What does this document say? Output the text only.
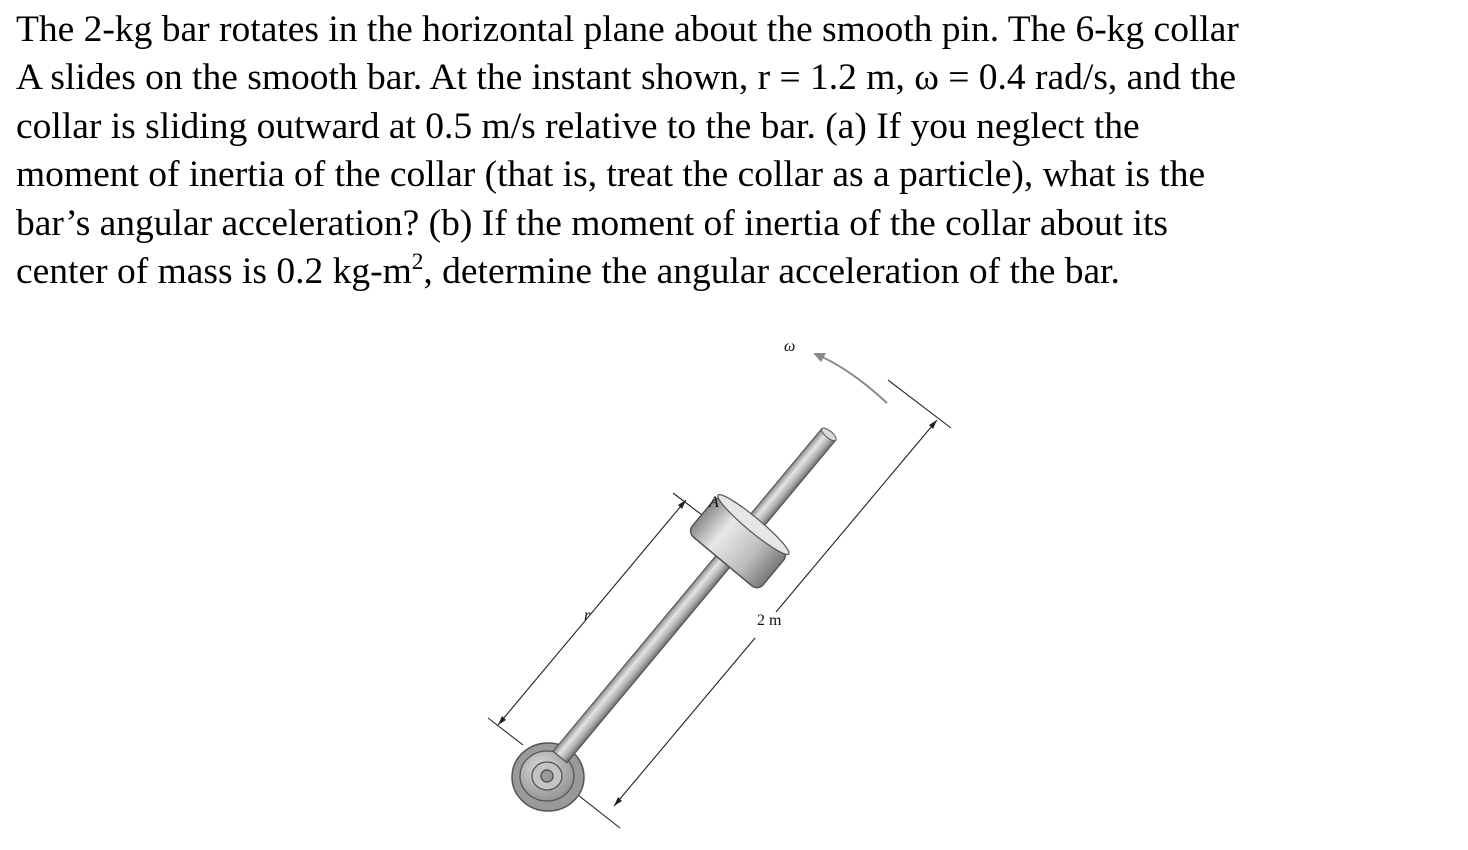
The 2-kg bar rotates in the horizontal plane about the smooth pin. The 6-kg collar
A slides on the smooth bar. At the instant shown, r = 1.2 m, ω = 0.4 rad/s, and the
collar is sliding outward at 0.5 m/s relative to the bar. (a) If you neglect the
moment of inertia of the collar (that is, treat the collar as a particle), what is the
bar’s angular acceleration? (b) If the moment of inertia of the collar about its
center of mass is 0.2 $kg-m^2$, determine the angular acceleration of the bar.
ω
A
r	2 m
